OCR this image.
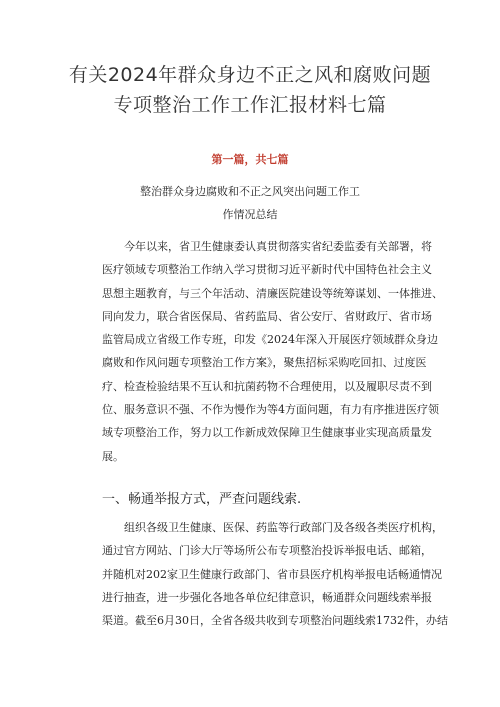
有关2024年群众身边不正之风和腐败问题
专项整治工作工作汇报材料七篇
第一篇，共七篇
整治群众身边腐败和不正之风突出问题工作工
作情况总结
　　今年以来，省卫生健康委认真贯彻落实省纪委监委有关部署，将
医疗领域专项整治工作纳入学习贯彻习近平新时代中国特色社会主义
思想主题教育，与三个年活动、清廉医院建设等统筹谋划、一体推进、
同向发力，联合省医保局、省药监局、省公安厅、省财政厅、省市场
监管局成立省级工作专班，印发《2024年深入开展医疗领域群众身边
腐败和作风问题专项整治工作方案》，聚焦招标采购吃回扣、过度医
疗、检查检验结果不互认和抗菌药物不合理使用，以及履职尽责不到
位、服务意识不强、不作为慢作为等4方面问题，有力有序推进医疗领
域专项整治工作，努力以工作新成效保障卫生健康事业实现高质量发
展。
一、畅通举报方式，严查问题线索.
　　组织各级卫生健康、医保、药监等行政部门及各级各类医疗机构，
通过官方网站、门诊大厅等场所公布专项整治投诉举报电话、邮箱，
并随机对202家卫生健康行政部门、省市县医疗机构举报电话畅通情况
进行抽查，进一步强化各地各单位纪律意识，畅通群众问题线索举报
渠道。截至6月30日，全省各级共收到专项整治问题线索1732件，办结
